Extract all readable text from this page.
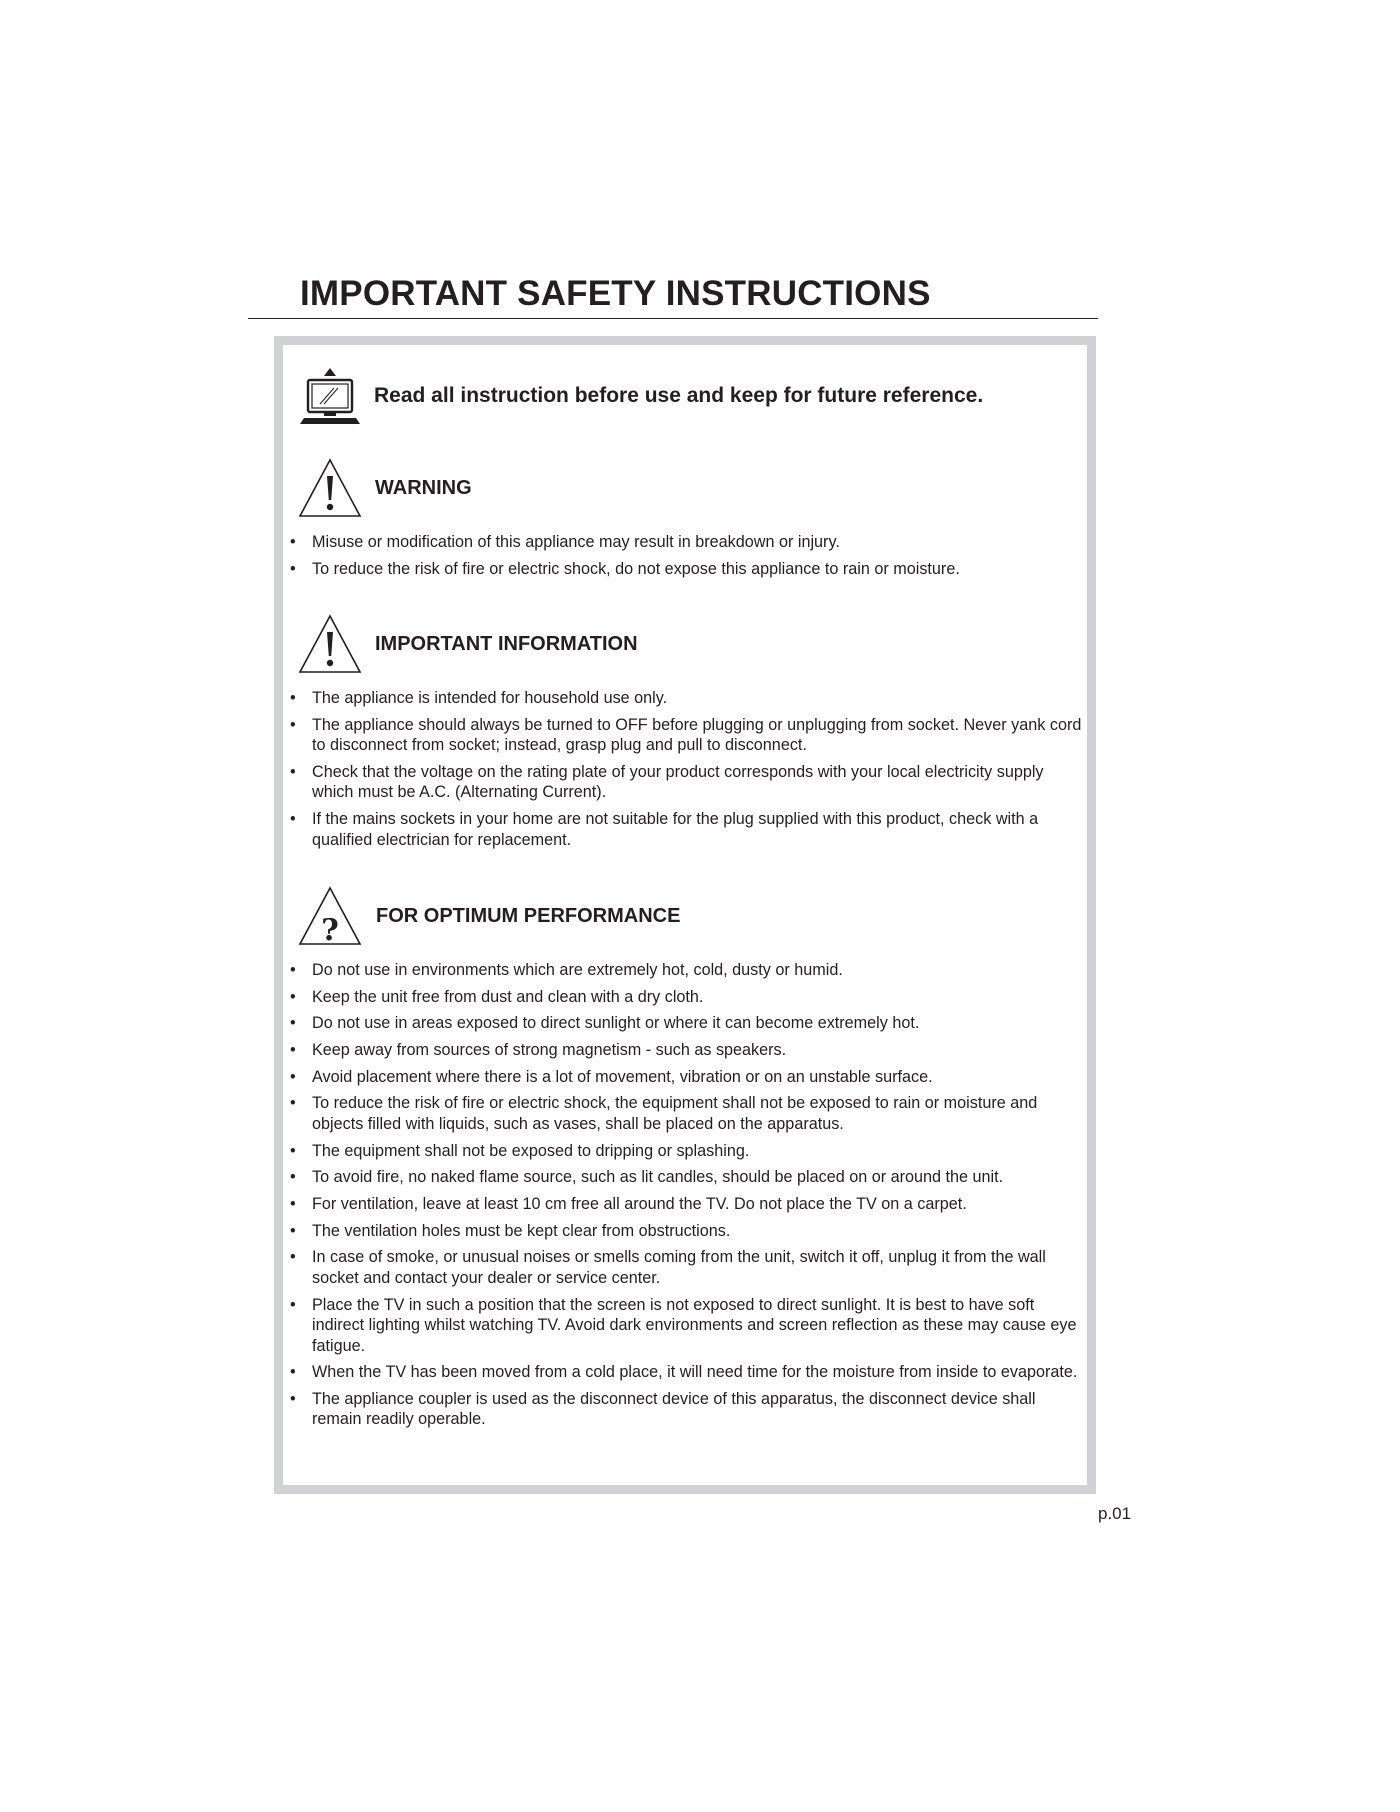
IMPORTANT SAFETY INSTRUCTIONS
Read all instruction before use and keep for future reference.
WARNING
• Misuse or modification of this appliance may result in breakdown or injury.
• To reduce the risk of fire or electric shock, do not expose this appliance to rain or moisture.
IMPORTANT INFORMATION
• The appliance is intended for household use only.
• The appliance should always be turned to OFF before plugging or unplugging from socket. Never yank cord to disconnect from socket; instead, grasp plug and pull to disconnect.
• Check that the voltage on the rating plate of your product corresponds with your local electricity supply which must be A.C. (Alternating Current).
• If the mains sockets in your home are not suitable for the plug supplied with this product, check with a qualified electrician for replacement.
? FOR OPTIMUM PERFORMANCE
• Do not use in environments which are extremely hot, cold, dusty or humid.
• Keep the unit free from dust and clean with a dry cloth.
• Do not use in areas exposed to direct sunlight or where it can become extremely hot.
• Keep away from sources of strong magnetism - such as speakers.
• Avoid placement where there is a lot of movement, vibration or on an unstable surface.
• To reduce the risk of fire or electric shock, the equipment shall not be exposed to rain or moisture and objects filled with liquids, such as vases, shall be placed on the apparatus.
• The equipment shall not be exposed to dripping or splashing.
• To avoid fire, no naked flame source, such as lit candles, should be placed on or around the unit.
• For ventilation, leave at least 10 cm free all around the TV. Do not place the TV on a carpet.
• The ventilation holes must be kept clear from obstructions.
• In case of smoke, or unusual noises or smells coming from the unit, switch it off, unplug it from the wall socket and contact your dealer or service center.
• Place the TV in such a position that the screen is not exposed to direct sunlight. It is best to have soft indirect lighting whilst watching TV. Avoid dark environments and screen reflection as these may cause eye fatigue.
• When the TV has been moved from a cold place, it will need time for the moisture from inside to evaporate.
• The appliance coupler is used as the disconnect device of this apparatus, the disconnect device shall remain readily operable.
p.01
